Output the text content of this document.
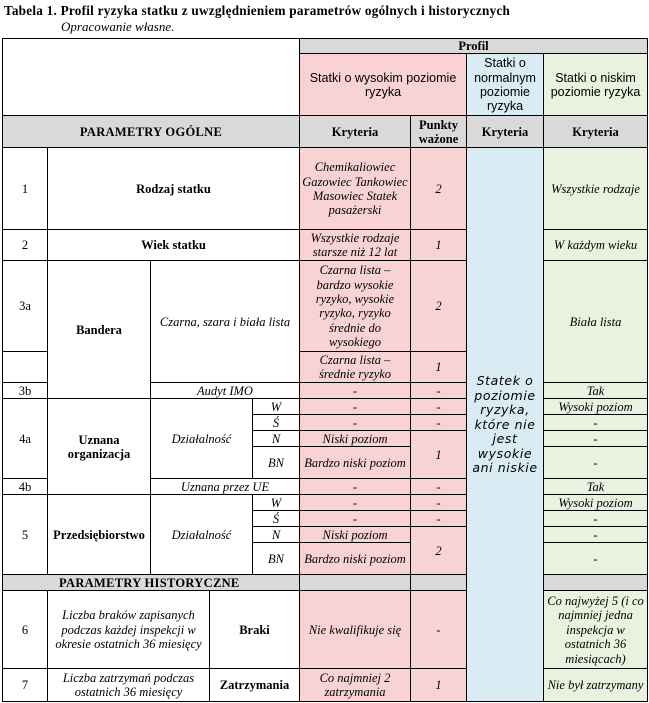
Tabela 1. Profil ryzyka statku z uwzględnieniem parametrów ogólnych i historycznych
Opracowanie własne.
					Profil			
					Statki o wysokim poziomie ryzyka		Statki o normalnym poziomie ryzyka	Statki o niskim poziomie ryzyka
PARAMETRY OGÓLNE					Kryteria	Punkty ważone	Kryteria	Kryteria
1	Rodzaj statku				Chemikaliowiec Gazowiec Tankowiec Masowiec Statek pasażerski	2	Statek o poziomie ryzyka, które nie jest wysokie ani niskie	Wszystkie rodzaje
2	Wiek statku				Wszystkie rodzaje starsze niż 12 lat	1		W każdym wieku
3a	Bandera	Czarna, szara i biała lista			Czarna lista – bardzo wysokie ryzyko, wysokie ryzyko, ryzyko średnie do wysokiego	2		Biała lista
					Czarna lista – średnie ryzyko	1		
3b		Audyt IMO			-	-		Tak
4a	Uznana organizacja	Działalność		W	-	-		Wysoki poziom
				Ś	-	-		-
				N	Niski poziom	1		-
				BN	Bardzo niski poziom			-
4b		Uznana przez UE			-	-		Tak
5	Przedsiębiorstwo	Działalność		W	-	-		Wysoki poziom
				Ś	-	-		-
				N	Niski poziom	2		-
				BN	Bardzo niski poziom			-
PARAMETRY HISTORYCZNE								
6	Liczba braków zapisanych podczas każdej inspekcji w okresie ostatnich 36 miesięcy		Braki		Nie kwalifikuje się	-		Co najwyżej 5 (i co najmniej jedna inspekcja w ostatnich 36 miesiącach)
7	Liczba zatrzymań podczas ostatnich 36 miesięcy		Zatrzymania		Co najmniej 2 zatrzymania	1		Nie był zatrzymany
